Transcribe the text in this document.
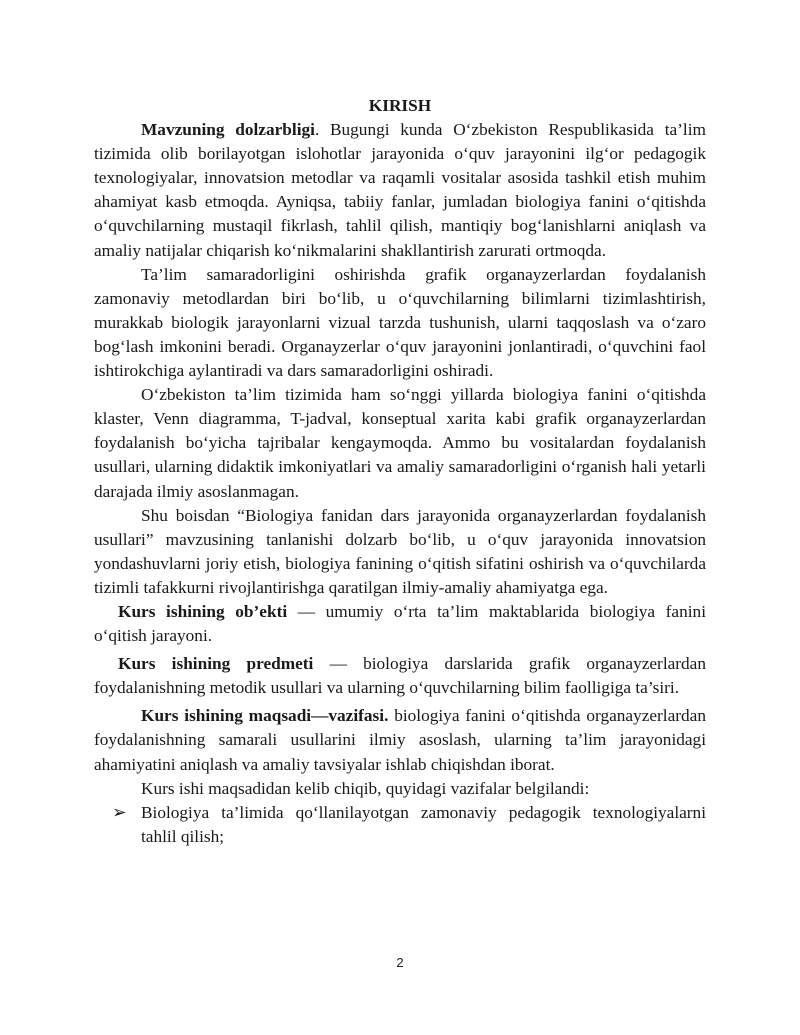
KIRISH

Mavzuning dolzarbligi. Bugungi kunda O‘zbekiston Respublikasida ta’lim tizimida olib borilayotgan islohotlar jarayonida o‘quv jarayonini ilg‘or pedagogik texnologiyalar, innovatsion metodlar va raqamli vositalar asosida tashkil etish muhim ahamiyat kasb etmoqda. Ayniqsa, tabiiy fanlar, jumladan biologiya fanini o‘qitishda o‘quvchilarning mustaqil fikrlash, tahlil qilish, mantiqiy bog‘lanishlarni aniqlash va amaliy natijalar chiqarish ko‘nikmalarini shakllantirish zarurati ortmoqda.

Ta’lim samaradorligini oshirishda grafik organayzerlardan foydalanish zamonaviy metodlardan biri bo‘lib, u o‘quvchilarning bilimlarni tizimlashtirish, murakkab biologik jarayonlarni vizual tarzda tushunish, ularni taqqoslash va o‘zaro bog‘lash imkonini beradi. Organayzerlar o‘quv jarayonini jonlantiradi, o‘quvchini faol ishtirokchiga aylantiradi va dars samaradorligini oshiradi.

O‘zbekiston ta’lim tizimida ham so‘nggi yillarda biologiya fanini o‘qitishda klaster, Venn diagramma, T-jadval, konseptual xarita kabi grafik organayzerlardan foydalanish bo‘yicha tajribalar kengaymoqda. Ammo bu vositalardan foydalanish usullari, ularning didaktik imkoniyatlari va amaliy samaradorligini o‘rganish hali yetarli darajada ilmiy asoslanmagan.

Shu boisdan “Biologiya fanidan dars jarayonida organayzerlardan foydalanish usullari” mavzusining tanlanishi dolzarb bo‘lib, u o‘quv jarayonida innovatsion yondashuvlarni joriy etish, biologiya fanining o‘qitish sifatini oshirish va o‘quvchilarda tizimli tafakkurni rivojlantirishga qaratilgan ilmiy-amaliy ahamiyatga ega.

Kurs ishining ob’ekti — umumiy o‘rta ta’lim maktablarida biologiya fanini o‘qitish jarayoni.

Kurs ishining predmeti — biologiya darslarida grafik organayzerlardan foydalanishning metodik usullari va ularning o‘quvchilarning bilim faolligiga ta’siri.

Kurs ishining maqsadi—vazifasi. biologiya fanini o‘qitishda organayzerlardan foydalanishning samarali usullarini ilmiy asoslash, ularning ta’lim jarayonidagi ahamiyatini aniqlash va amaliy tavsiyalar ishlab chiqishdan iborat.

Kurs ishi maqsadidan kelib chiqib, quyidagi vazifalar belgilandi:

➢ Biologiya ta’limida qo‘llanilayotgan zamonaviy pedagogik texnologiyalarni tahlil qilish;
2
